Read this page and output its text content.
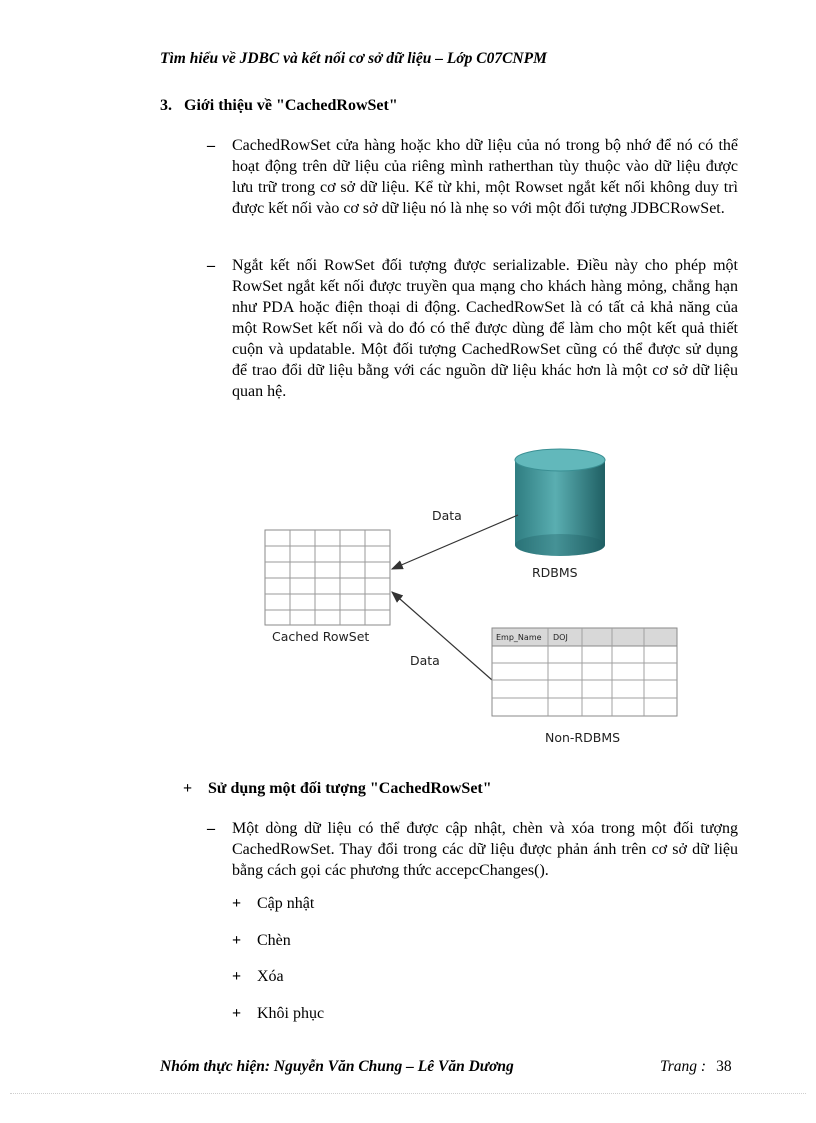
Tìm hiểu về JDBC và kết nối cơ sở dữ liệu – Lớp C07CNPM
3. Giới thiệu về "CachedRowSet"
– CachedRowSet cửa hàng hoặc kho dữ liệu của nó trong bộ nhớ để nó có thể hoạt động trên dữ liệu của riêng mình ratherthan tùy thuộc vào dữ liệu được lưu trữ trong cơ sở dữ liệu. Kể từ khi, một Rowset ngắt kết nối không duy trì được kết nối vào cơ sở dữ liệu nó là nhẹ so với một đối tượng JDBCRowSet.
– Ngắt kết nối RowSet đối tượng được serializable. Điều này cho phép một RowSet ngắt kết nối được truyền qua mạng cho khách hàng mỏng, chẳng hạn như PDA hoặc điện thoại di động. CachedRowSet là có tất cả khả năng của một RowSet kết nối và do đó có thể được dùng để làm cho một kết quả thiết cuộn và updatable. Một đối tượng CachedRowSet cũng có thể được sử dụng để trao đổi dữ liệu bằng với các nguồn dữ liệu khác hơn là một cơ sở dữ liệu quan hệ.
Cached RowSet
RDBMS
Data
Data
Emp_Name DOJ
Non-RDBMS
+ Sử dụng một đối tượng "CachedRowSet"
– Một dòng dữ liệu có thể được cập nhật, chèn và xóa trong một đối tượng CachedRowSet. Thay đổi trong các dữ liệu được phản ánh trên cơ sở dữ liệu bằng cách gọi các phương thức accepcChanges().
+ Cập nhật
+ Chèn
+ Xóa
+ Khôi phục
Nhóm thực hiện: Nguyễn Văn Chung – Lê Văn Dương	Trang : 38
